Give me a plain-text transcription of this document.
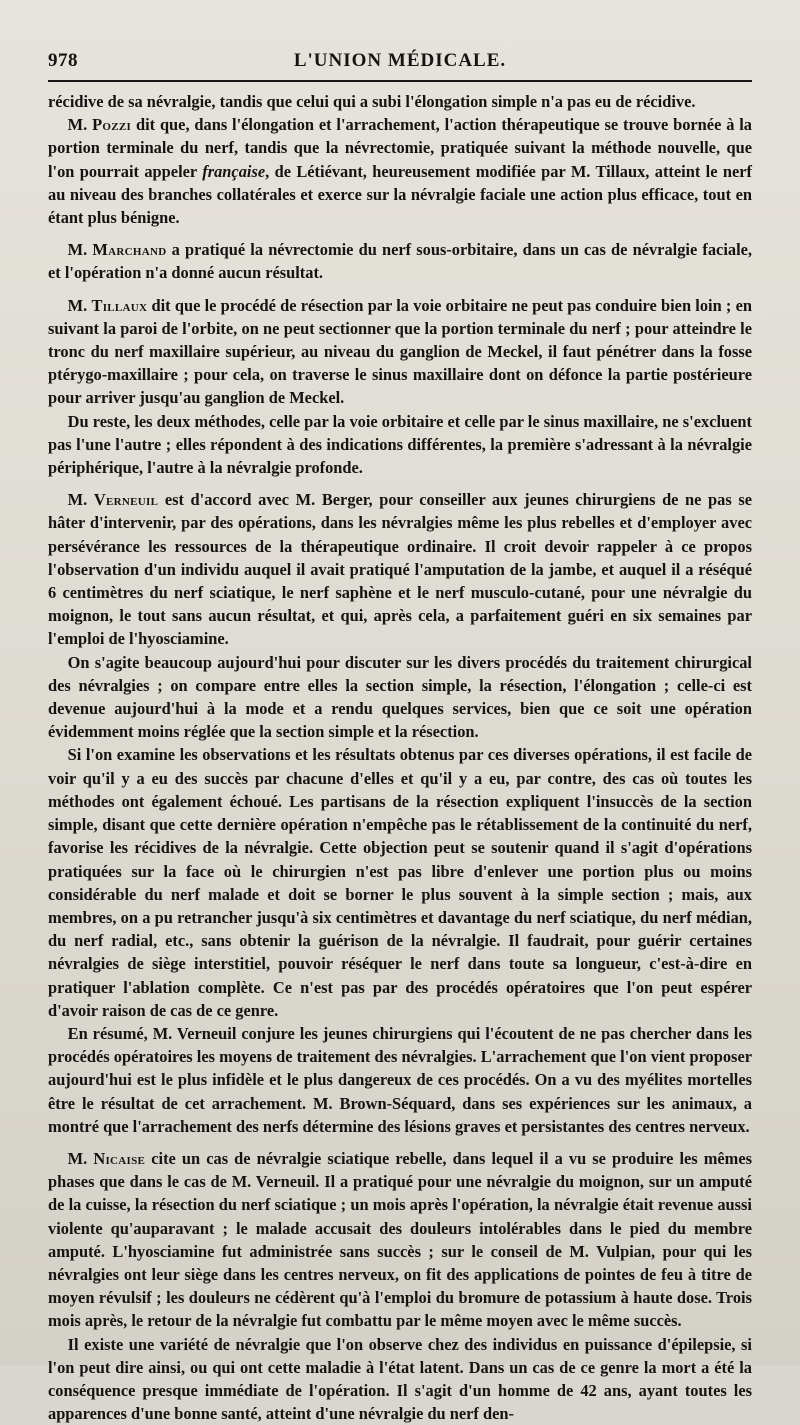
978	L'UNION MÉDICALE.

récidive de sa névralgie, tandis que celui qui a subi l'élongation simple n'a pas eu de récidive.

M. Pozzi dit que, dans l'élongation et l'arrachement, l'action thérapeutique se trouve bornée à la portion terminale du nerf, tandis que la névrectomie, pratiquée suivant la méthode nouvelle, que l'on pourrait appeler française, de Létiévant, heureusement modifiée par M. Tillaux, atteint le nerf au niveau des branches collatérales et exerce sur la névralgie faciale une action plus efficace, tout en étant plus bénigne.

M. Marchand a pratiqué la névrectomie du nerf sous-orbitaire, dans un cas de névralgie faciale, et l'opération n'a donné aucun résultat.

M. Tillaux dit que le procédé de résection par la voie orbitaire ne peut pas conduire bien loin ; en suivant la paroi de l'orbite, on ne peut sectionner que la portion terminale du nerf ; pour atteindre le tronc du nerf maxillaire supérieur, au niveau du ganglion de Meckel, il faut pénétrer dans la fosse ptérygo-maxillaire ; pour cela, on traverse le sinus maxillaire dont on défonce la partie postérieure pour arriver jusqu'au ganglion de Meckel.

Du reste, les deux méthodes, celle par la voie orbitaire et celle par le sinus maxillaire, ne s'excluent pas l'une l'autre ; elles répondent à des indications différentes, la première s'adressant à la névralgie périphérique, l'autre à la névralgie profonde.

M. Verneuil est d'accord avec M. Berger, pour conseiller aux jeunes chirurgiens de ne pas se hâter d'intervenir, par des opérations, dans les névralgies même les plus rebelles et d'employer avec persévérance les ressources de la thérapeutique ordinaire. Il croit devoir rappeler à ce propos l'observation d'un individu auquel il avait pratiqué l'amputation de la jambe, et auquel il a réséqué 6 centimètres du nerf sciatique, le nerf saphène et le nerf musculo-cutané, pour une névralgie du moignon, le tout sans aucun résultat, et qui, après cela, a parfaitement guéri en six semaines par l'emploi de l'hyosciamine.

On s'agite beaucoup aujourd'hui pour discuter sur les divers procédés du traitement chirurgical des névralgies ; on compare entre elles la section simple, la résection, l'élongation ; celle-ci est devenue aujourd'hui à la mode et a rendu quelques services, bien que ce soit une opération évidemment moins réglée que la section simple et la résection.

Si l'on examine les observations et les résultats obtenus par ces diverses opérations, il est facile de voir qu'il y a eu des succès par chacune d'elles et qu'il y a eu, par contre, des cas où toutes les méthodes ont également échoué. Les partisans de la résection expliquent l'insuccès de la section simple, disant que cette dernière opération n'empêche pas le rétablissement de la continuité du nerf, favorise les récidives de la névralgie. Cette objection peut se soutenir quand il s'agit d'opérations pratiquées sur la face où le chirurgien n'est pas libre d'enlever une portion plus ou moins considérable du nerf malade et doit se borner le plus souvent à la simple section ; mais, aux membres, on a pu retrancher jusqu'à six centimètres et davantage du nerf sciatique, du nerf médian, du nerf radial, etc., sans obtenir la guérison de la névralgie. Il faudrait, pour guérir certaines névralgies de siège interstitiel, pouvoir réséquer le nerf dans toute sa longueur, c'est-à-dire en pratiquer l'ablation complète. Ce n'est pas par des procédés opératoires que l'on peut espérer d'avoir raison de cas de ce genre.

En résumé, M. Verneuil conjure les jeunes chirurgiens qui l'écoutent de ne pas chercher dans les procédés opératoires les moyens de traitement des névralgies. L'arrachement que l'on vient proposer aujourd'hui est le plus infidèle et le plus dangereux de ces procédés. On a vu des myélites mortelles être le résultat de cet arrachement. M. Brown-Séquard, dans ses expériences sur les animaux, a montré que l'arrachement des nerfs détermine des lésions graves et persistantes des centres nerveux.

M. Nicaise cite un cas de névralgie sciatique rebelle, dans lequel il a vu se produire les mêmes phases que dans le cas de M. Verneuil. Il a pratiqué pour une névralgie du moignon, sur un amputé de la cuisse, la résection du nerf sciatique ; un mois après l'opération, la névralgie était revenue aussi violente qu'auparavant ; le malade accusait des douleurs intolérables dans le pied du membre amputé. L'hyosciamine fut administrée sans succès ; sur le conseil de M. Vulpian, pour qui les névralgies ont leur siège dans les centres nerveux, on fit des applications de pointes de feu à titre de moyen révulsif ; les douleurs ne cédèrent qu'à l'emploi du bromure de potassium à haute dose. Trois mois après, le retour de la névralgie fut combattu par le même moyen avec le même succès.

Il existe une variété de névralgie que l'on observe chez des individus en puissance d'épilepsie, si l'on peut dire ainsi, ou qui ont cette maladie à l'état latent. Dans un cas de ce genre la mort a été la conséquence presque immédiate de l'opération. Il s'agit d'un homme de 42 ans, ayant toutes les apparences d'une bonne santé, atteint d'une névralgie du nerf den-
